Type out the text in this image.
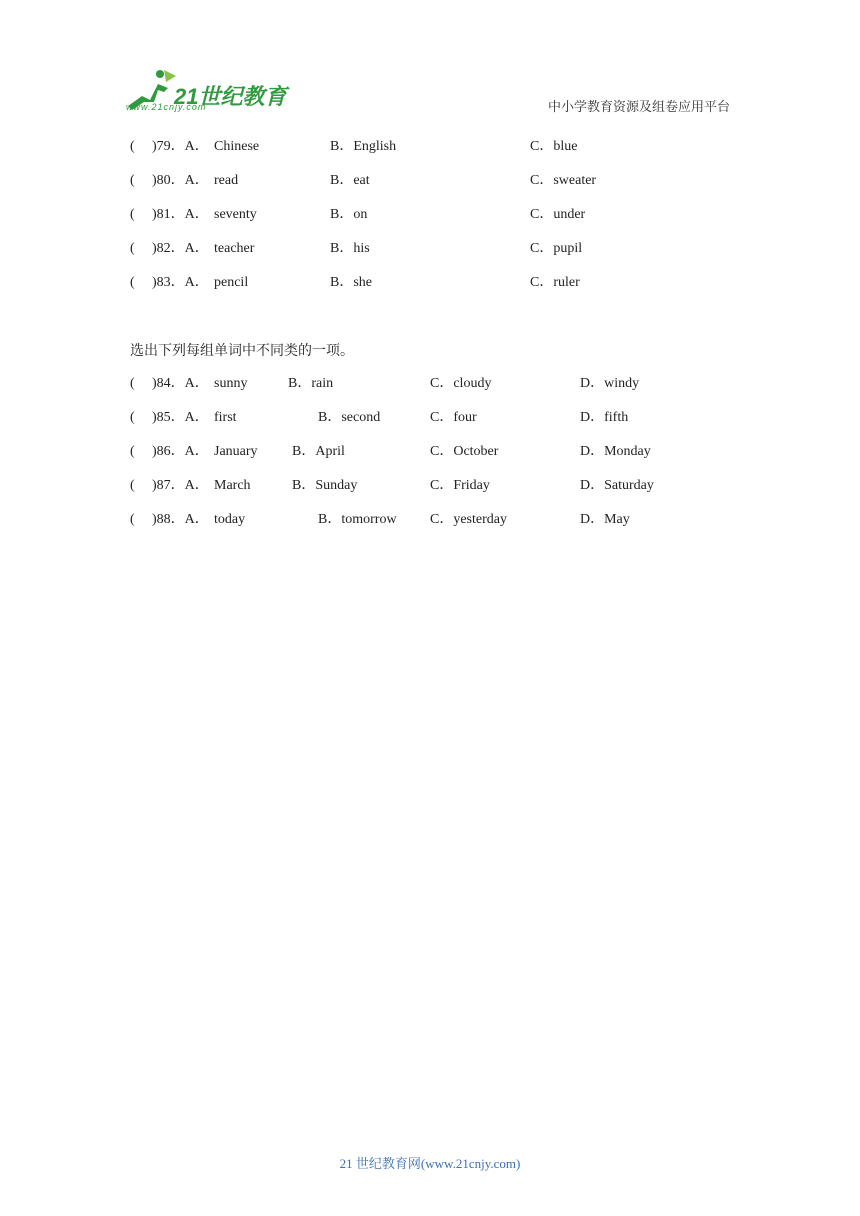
21世纪教育
www.21cnjy.com	中小学教育资源及组卷应用平台
( )79．A． Chinese	B．English	C．blue
( )80．A． read	B．eat	C．sweater
( )81．A． seventy	B．on	C．under
( )82．A． teacher	B．his	C．pupil
( )83．A． pencil	B．she	C．ruler
选出下列每组单词中不同类的一项。
( )84．A． sunny	B．rain	C．cloudy	D．windy
( )85．A． first	B．second	C．four	D．fifth
( )86．A． January B．April	C．October	D．Monday
( )87．A． March	B．Sunday	C．Friday	D．Saturday
( )88．A． today	B．tomorrow C．yesterday	D．May
21 世纪教育网(www.21cnjy.com)
